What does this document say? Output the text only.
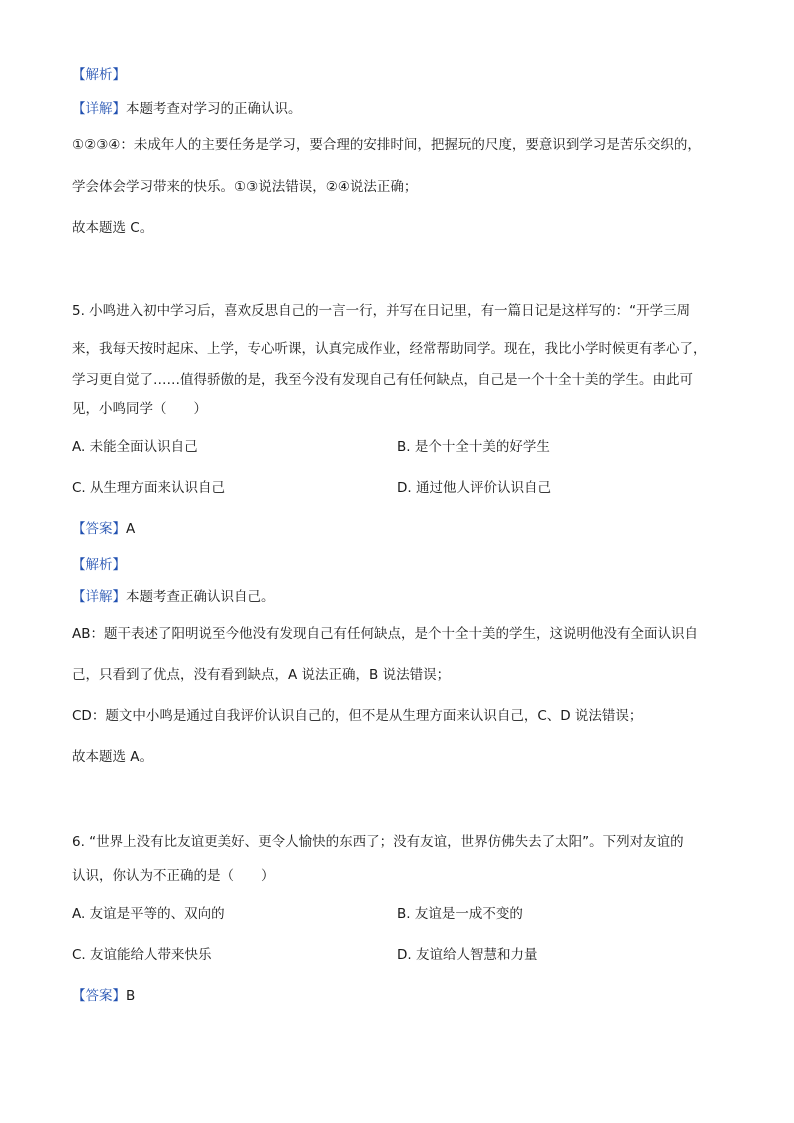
【解析】
【详解】本题考查对学习的正确认识。
①②③④：未成年人的主要任务是学习，要合理的安排时间，把握玩的尺度，要意识到学习是苦乐交织的，
学会体会学习带来的快乐。①③说法错误，②④说法正确；
故本题选 C。
5. 小鸣进入初中学习后，喜欢反思自己的一言一行，并写在日记里，有一篇日记是这样写的：“开学三周
来，我每天按时起床、上学，专心听课，认真完成作业，经常帮助同学。现在，我比小学时候更有孝心了，
学习更自觉了……值得骄傲的是，我至今没有发现自己有任何缺点，自己是一个十全十美的学生。由此可
见，小鸣同学（　　）
A. 未能全面认识自己	B. 是个十全十美的好学生
C. 从生理方面来认识自己	D. 通过他人评价认识自己
【答案】A
【解析】
【详解】本题考查正确认识自己。
AB：题干表述了阳明说至今他没有发现自己有任何缺点，是个十全十美的学生，这说明他没有全面认识自
己，只看到了优点，没有看到缺点，A 说法正确，B 说法错误；
CD：题文中小鸣是通过自我评价认识自己的，但不是从生理方面来认识自己，C、D 说法错误；
故本题选 A。
6. “世界上没有比友谊更美好、更令人愉快的东西了；没有友谊，世界仿佛失去了太阳”。下列对友谊的
认识，你认为不正确的是（　　）
A. 友谊是平等的、双向的	B. 友谊是一成不变的
C. 友谊能给人带来快乐	D. 友谊给人智慧和力量
【答案】B
